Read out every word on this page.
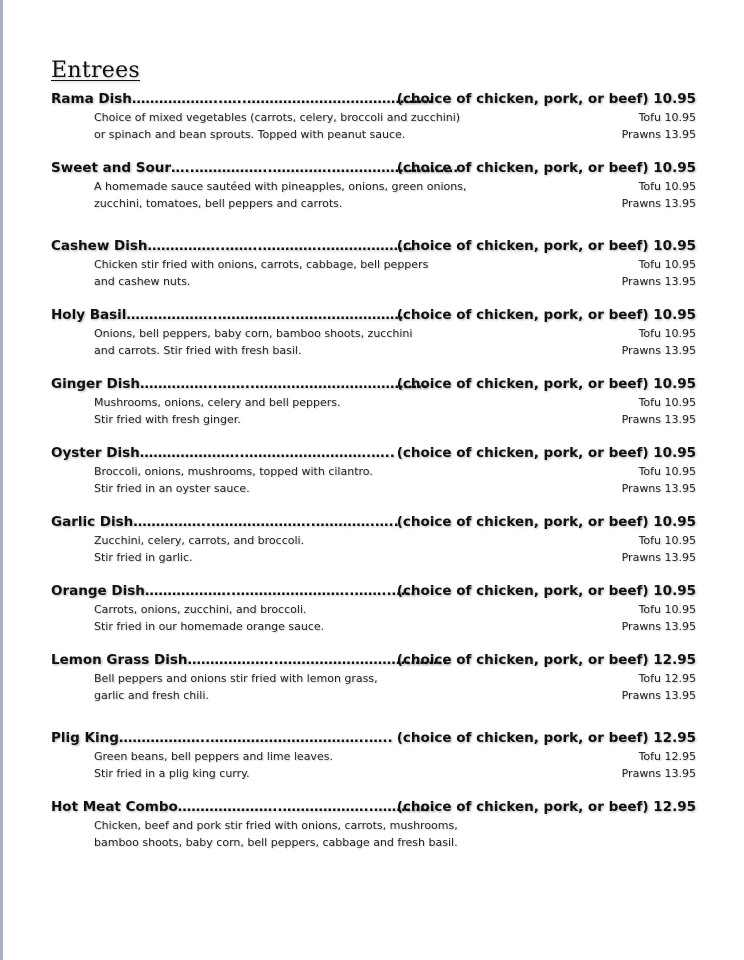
Entrees
Rama Dish ………………..…..…………………………………..
(choice of chicken, pork, or beef) 10.95
Choice of mixed vegetables (carrots, celery, broccoli and zucchini)	Tofu 10.95
or spinach and bean sprouts. Topped with peanut sauce.	Prawns 13.95
Sweet and Sour …..……………..………….……………………….
(choice of chicken, pork, or beef) 10.95
A homemade sauce sautéed with pineapples, onions, green onions,	Tofu 10.95
zucchini, tomatoes, bell peppers and carrots.	Prawns 13.95
Cashew Dish ……………..……..………….………………..
(choice of chicken, pork, or beef) 10.95
Chicken stir fried with onions, carrots, cabbage, bell peppers	Tofu 10.95
and cashew nuts.	Prawns 13.95
Holy Basil ………………..……………..……………………
(choice of chicken, pork, or beef) 10.95
Onions, bell peppers, baby corn, bamboo shoots, zucchini	Tofu 10.95
and carrots. Stir fried with fresh basil.	Prawns 13.95
Ginger Dish ……………..……..………………………………..
(choice of chicken, pork, or beef) 10.95
Mushrooms, onions, celery and bell peppers.	Tofu 10.95
Stir fried with fresh ginger.	Prawns 13.95
Oyster Dish …………………..……………………….….. (choice of chicken, pork, or beef) 10.95
Broccoli, onions, mushrooms, topped with cilantro.	Tofu 10.95
Stir fried in an oyster sauce.	Prawns 13.95
Garlic Dish ……………..…………………..………….…..
(choice of chicken, pork, or beef) 10.95
Zucchini, celery, carrots, and broccoli.	Tofu 10.95
Stir fried in garlic.	Prawns 13.95
Orange Dish ………………..……………………..……..…..
(choice of chicken, pork, or beef) 10.95
Carrots, onions, zucchini, and broccoli.	Tofu 10.95
Stir fried in our homemade orange sauce.	Prawns 13.95
Lemon Grass Dish ………………..………………………..……..
(choice of chicken, pork, or beef) 12.95
Bell peppers and onions stir fried with lemon grass,	Tofu 12.95
garlic and fresh chili.	Prawns 13.95
Plig King ………………..……………………………..….. (choice of chicken, pork, or beef) 12.95
Green beans, bell peppers and lime leaves.	Tofu 12.95
Stir fried in a plig king curry.	Prawns 13.95
Hot Meat Combo …………………..………………..……..…..
(choice of chicken, pork, or beef) 12.95
Chicken, beef and pork stir fried with onions, carrots, mushrooms,
bamboo shoots, baby corn, bell peppers, cabbage and fresh basil.
